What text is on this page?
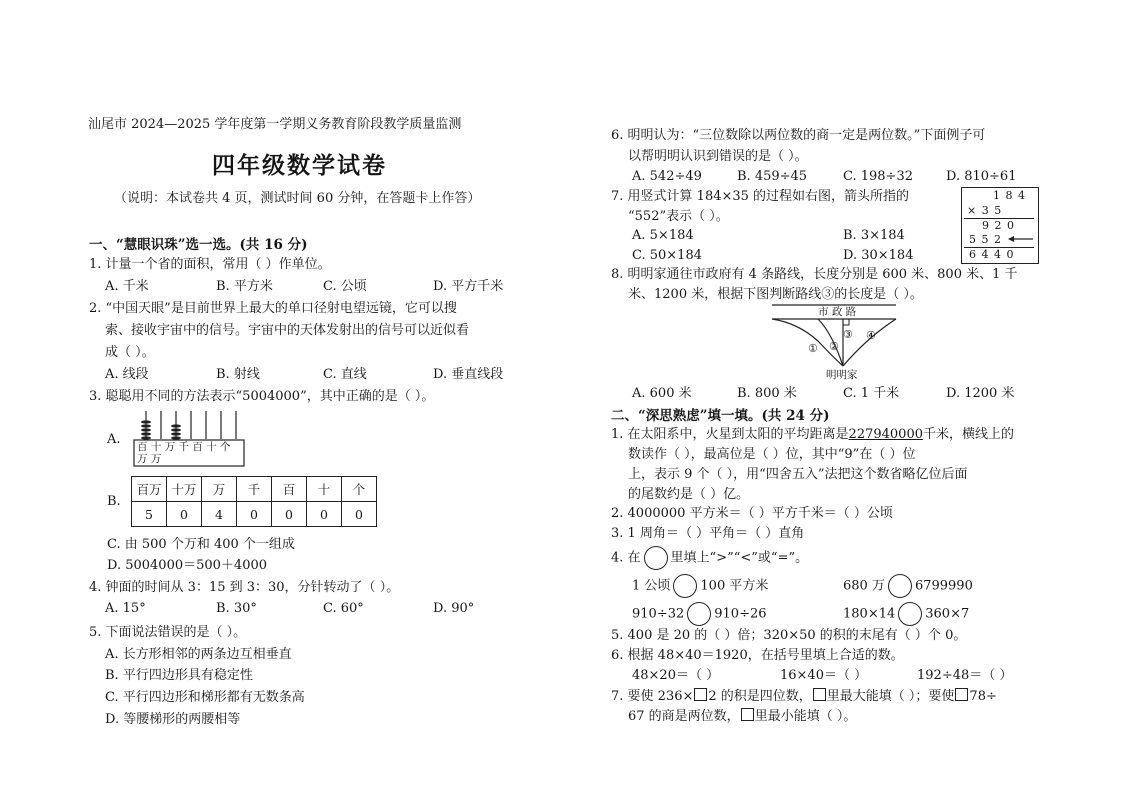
汕尾市 2024—2025 学年度第一学期义务教育阶段教学质量监测
四年级数学试卷
（说明：本试卷共 4 页，测试时间 60 分钟，在答题卡上作答）
一、“慧眼识珠”选一选。(共 16 分)
1. 计量一个省的面积，常用（ ）作单位。
A. 千米	B. 平方米	C. 公顷	D. 平方千米
2. “中国天眼”是目前世界上最大的单口径射电望远镜，它可以搜
索、接收宇宙中的信号。宇宙中的天体发射出的信号可以近似看
成（ ）。
A. 线段	B. 射线	C. 直线	D. 垂直线段
3. 聪聪用不同的方法表示“5004000”，其中正确的是（ ）。
A. 百 十 万 千 百 十 个
万 万
B.
百万	十万	万	千	百	十	个
5	0	4	0	0	0	0
C. 由 500 个万和 400 个一组成
D. 5004000＝500＋4000
4. 钟面的时间从 3：15 到 3：30，分针转动了（ ）。
A. 15°	B. 30°	C. 60°	D. 90°
5. 下面说法错误的是（ ）。
A. 长方形相邻的两条边互相垂直
B. 平行四边形具有稳定性
C. 平行四边形和梯形都有无数条高
D. 等腰梯形的两腰相等
6. 明明认为：“三位数除以两位数的商一定是两位数。”下面例子可
以帮明明认识到错误的是（ ）。
A. 542÷49	B. 459÷45	C. 198÷32	D. 810÷61
7. 用竖式计算 184×35 的过程如右图，箭头所指的
“552”表示（ ）。
A. 5×184	B. 3×184
C. 50×184	D. 30×184
1 8 4
× 3 5
9 2 0
5 5 2
6 4 4 0
8. 明明家通往市政府有 4 条路线，长度分别是 600 米、800 米、1 千
米、1200 米，根据下图判断路线③的长度是（ ）。
市 政 路
① ②
③ ④
明明家
A. 600 米	B. 800 米	C. 1 千米	D. 1200 米
二、“深思熟虑”填一填。(共 24 分)
1. 在太阳系中，火星到太阳的平均距离是227940000千米，横线上的
数读作（ ），最高位是（ ）位，其中“9”在（ ）位
上，表示 9 个（ ），用“四舍五入”法把这个数省略亿位后面
的尾数约是（ ）亿。
2. 4000000 平方米＝（ ）平方千米＝（ ）公顷
3. 1 周角＝（ ）平角＝（ ）直角
4. 在 里填上“>”“<”或“=”。
1 公顷 100 平方米	680 万 6799990
910÷32 910÷26	180×14 360×7
5. 400 是 20 的（ ）倍；320×50 的积的末尾有（ ）个 0。
6. 根据 48×40＝1920，在括号里填上合适的数。
48×20＝（ ）	16×40＝（ ）	192÷48＝（ ）
7. 要使 236× 2 的积是四位数， 里最大能填（ ）；要使 78÷
67 的商是两位数， 里最小能填（ ）。
